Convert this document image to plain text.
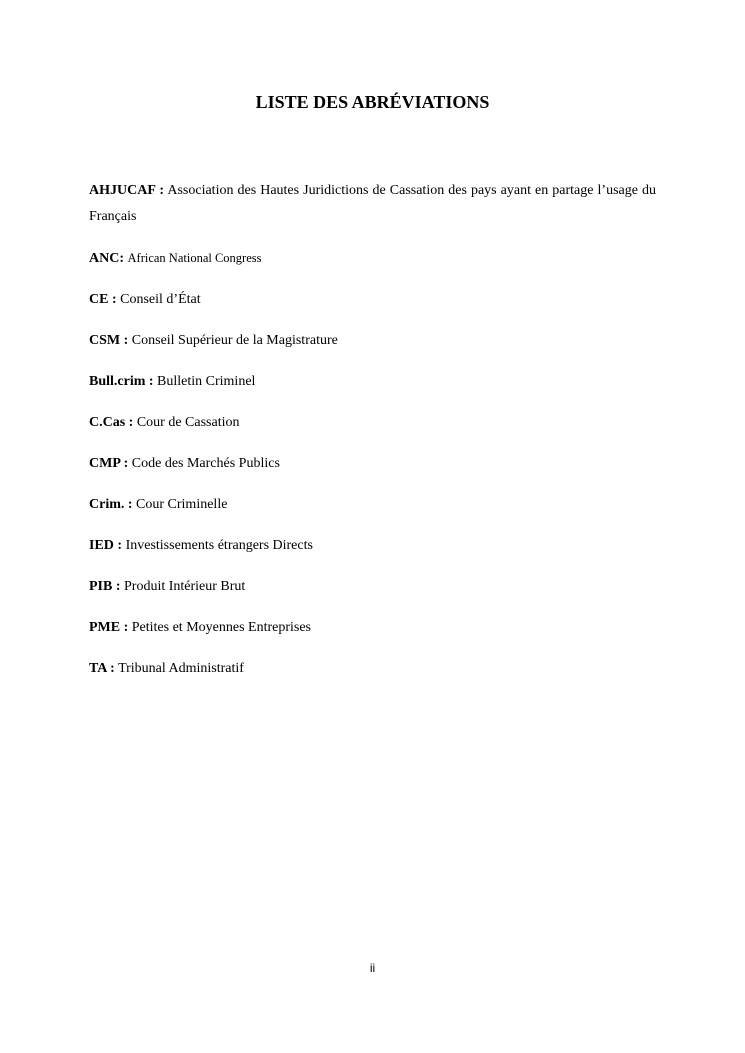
LISTE DES ABRÉVIATIONS

AHJUCAF : Association des Hautes Juridictions de Cassation des pays ayant en partage l’usage du Français

ANC: African National Congress

CE : Conseil d’État

CSM : Conseil Supérieur de la Magistrature

Bull.crim : Bulletin Criminel

C.Cas : Cour de Cassation

CMP : Code des Marchés Publics

Crim. : Cour Criminelle

IED : Investissements étrangers Directs

PIB : Produit Intérieur Brut

PME : Petites et Moyennes Entreprises

TA : Tribunal Administratif

ii
